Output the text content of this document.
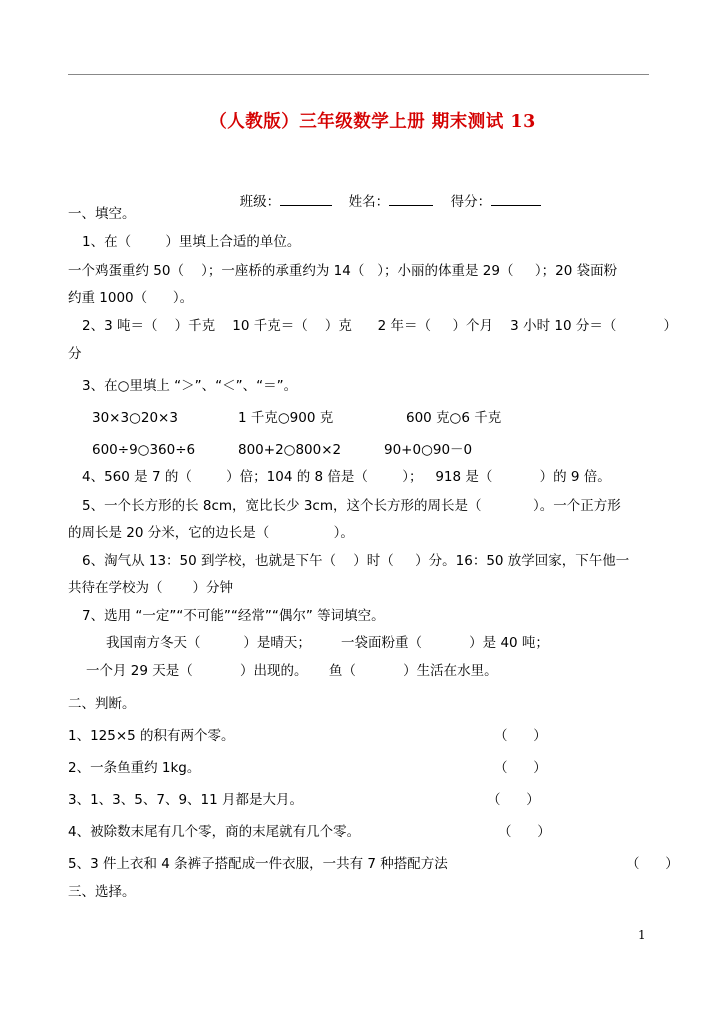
（人教版）三年级数学上册 期末测试 13

班级：	姓名：	得分：

一、填空。
1、在（        ）里填上合适的单位。
一个鸡蛋重约 50（    ）；一座桥的承重约为 14（   ）；小丽的体重是 29（     ）；20 袋面粉
约重 1000（      ）。
2、3 吨＝（    ）千克    10 千克＝（    ）克      2 年＝（     ）个月    3 小时 10 分＝（           ）
分
3、在○里填上 “＞”、“＜”、“＝”。
30×3○20×3	1 千克○900 克	600 克○6 千克
600÷9○360÷6	800+2○800×2	90+0○90－0
4、560 是 7 的（        ）倍；104 的 8 倍是（        ）；   918 是（           ）的 9 倍。
5、一个长方形的长 8cm，宽比长少 3cm，这个长方形的周长是（            ）。一个正方形
的周长是 20 分米，它的边长是（               ）。
6、淘气从 13：50 到学校，也就是下午（    ）时（     ）分。16：50 放学回家，下午他一
共待在学校为（       ）分钟
7、选用 “一定”“不可能”“经常”“偶尔” 等词填空。
我国南方冬天（          ）是晴天；       一袋面粉重（           ）是 40 吨；
一个月 29 天是（           ）出现的。     鱼（           ）生活在水里。
二、判断。
1、125×5 的积有两个零。	（      ）
2、一条鱼重约 1kg。	（      ）
3、1、3、5、7、9、11 月都是大月。	（      ）
4、被除数末尾有几个零，商的末尾就有几个零。	（      ）
5、3 件上衣和 4 条裤子搭配成一件衣服，一共有 7 种搭配方法	（      ）
三、选择。
1
